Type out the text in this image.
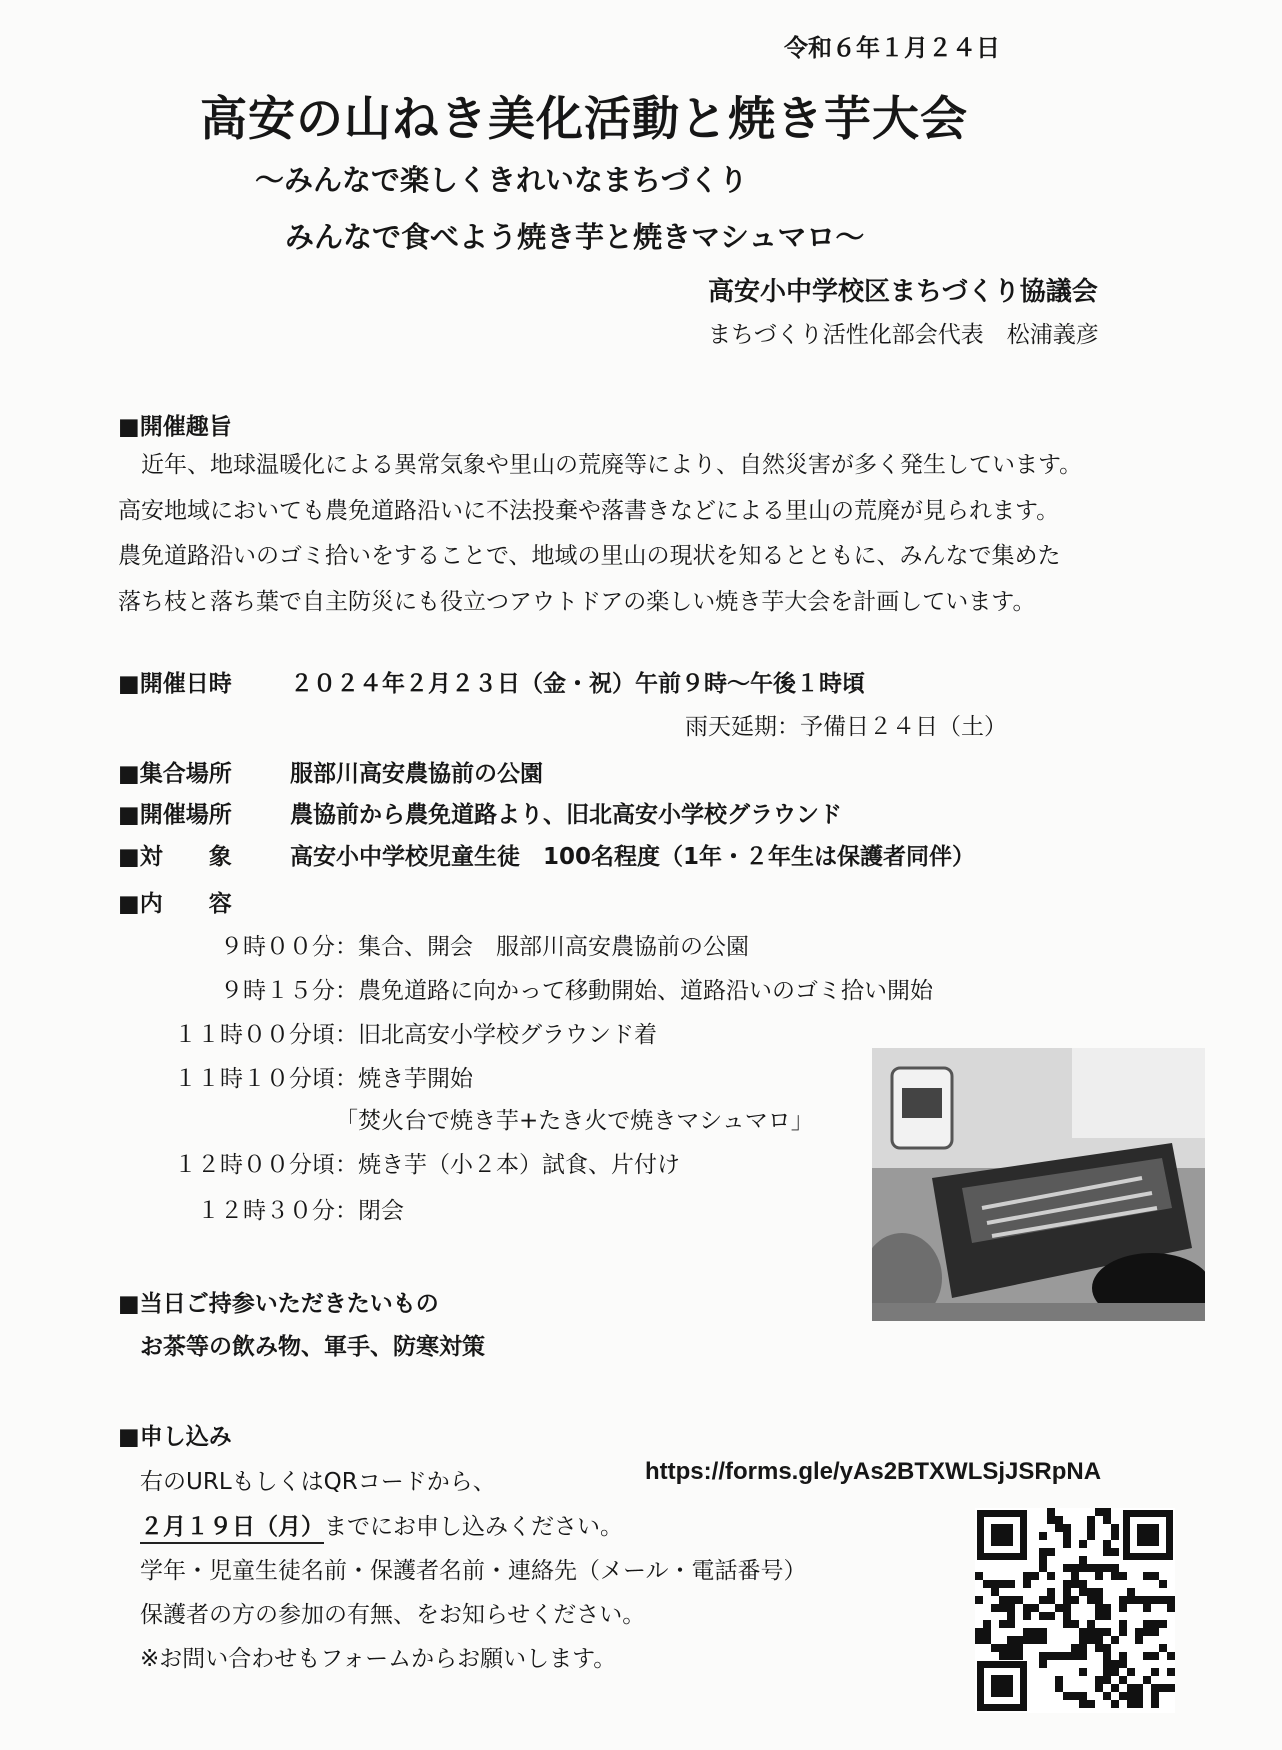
令和６年１月２４日
高安の山ねき美化活動と焼き芋大会
～みんなで楽しくきれいなまちづくり
みんなで食べよう焼き芋と焼きマシュマロ～
高安小中学校区まちづくり協議会
まちづくり活性化部会代表　松浦義彦
■開催趣旨

　近年、地球温暖化による異常気象や里山の荒廃等により、自然災害が多く発生しています。

高安地域においても農免道路沿いに不法投棄や落書きなどによる里山の荒廃が見られます。

農免道路沿いのゴミ拾いをすることで、地域の里山の現状を知るとともに、みんなで集めた

落ち枝と落ち葉で自主防災にも役立つアウトドアの楽しい焼き芋大会を計画しています。

■開催日時	２０２４年２月２３日（金・祝）午前９時～午後１時頃
雨天延期：予備日２４日（土）
■集合場所	服部川高安農協前の公園
■開催場所	農協前から農免道路より、旧北高安小学校グラウンド
■対　　象	高安小中学校児童生徒　100名程度（1年・２年生は保護者同伴）
■内　　容
９時００分：集合、開会　服部川高安農協前の公園
９時１５分：農免道路に向かって移動開始、道路沿いのゴミ拾い開始
１１時００分頃：旧北高安小学校グラウンド着
１１時１０分頃：焼き芋開始
「焚火台で焼き芋+たき火で焼きマシュマロ」
１２時００分頃：焼き芋（小２本）試食、片付け
１２時３０分：閉会
■当日ご持参いただきたいもの
お茶等の飲み物、軍手、防寒対策
■申し込み
右のURLもしくはQRコードから、	https://forms.gle/yAs2BTXWLSjJSRpNA
２月１９日（月）までにお申し込みください。
学年・児童生徒名前・保護者名前・連絡先（メール・電話番号）
保護者の方の参加の有無、をお知らせください。
※お問い合わせもフォームからお願いします。
